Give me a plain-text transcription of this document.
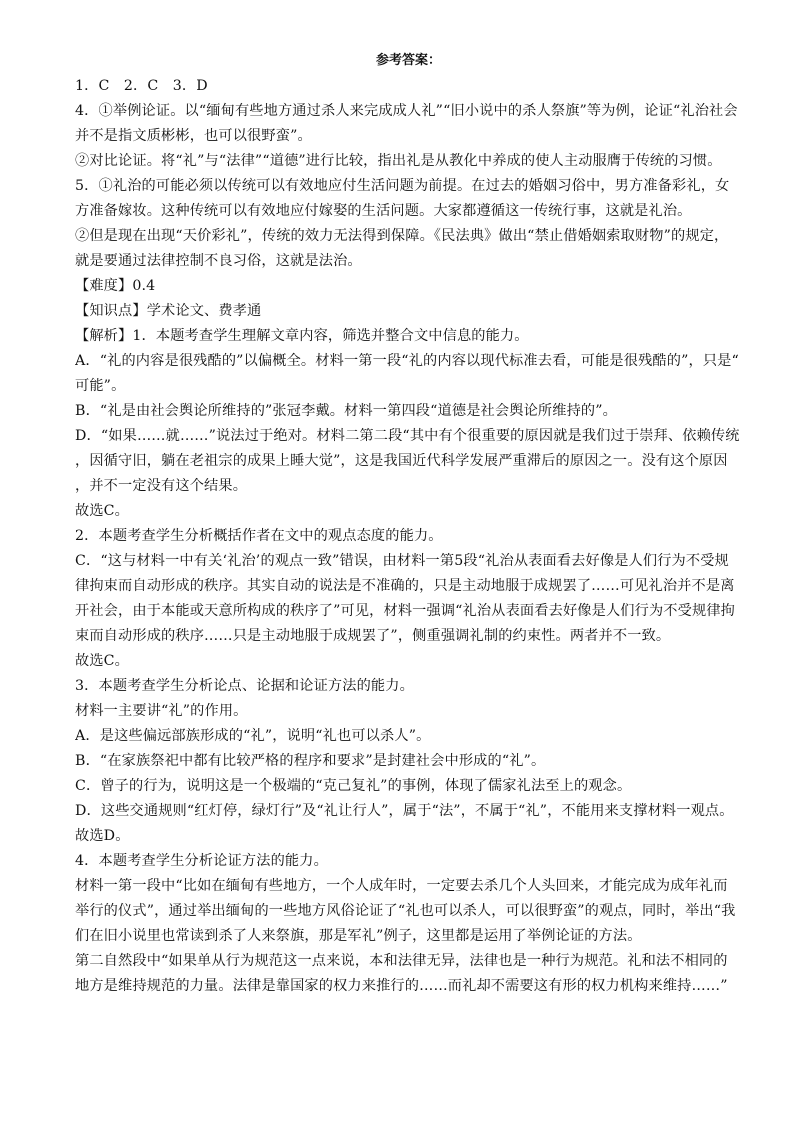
参考答案：
1．C　2．C　3．D
4．①举例论证。以“缅甸有些地方通过杀人来完成成人礼”“旧小说中的杀人祭旗”等为例，论证“礼治社会
并不是指文质彬彬，也可以很野蛮”。
②对比论证。将“礼”与“法律”“道德”进行比较，指出礼是从教化中养成的使人主动服膺于传统的习惯。
5．①礼治的可能必须以传统可以有效地应付生活问题为前提。在过去的婚姻习俗中，男方准备彩礼，女
方准备嫁妆。这种传统可以有效地应付嫁娶的生活问题。大家都遵循这一传统行事，这就是礼治。
②但是现在出现“天价彩礼”，传统的效力无法得到保障。《民法典》做出“禁止借婚姻索取财物”的规定，
就是要通过法律控制不良习俗，这就是法治。
【难度】0.4
【知识点】学术论文、费孝通
【解析】1．本题考查学生理解文章内容，筛选并整合文中信息的能力。
A．“礼的内容是很残酷的”以偏概全。材料一第一段“礼的内容以现代标准去看，可能是很残酷的”，只是“
可能”。
B．“礼是由社会舆论所维持的”张冠李戴。材料一第四段“道德是社会舆论所维持的”。
D．“如果……就……”说法过于绝对。材料二第二段“其中有个很重要的原因就是我们过于崇拜、依赖传统
，因循守旧，躺在老祖宗的成果上睡大觉”，这是我国近代科学发展严重滞后的原因之一。没有这个原因
，并不一定没有这个结果。
故选C。
2．本题考查学生分析概括作者在文中的观点态度的能力。
C．“这与材料一中有关‘礼治’的观点一致”错误，由材料一第5段“礼治从表面看去好像是人们行为不受规
律拘束而自动形成的秩序。其实自动的说法是不准确的，只是主动地服于成规罢了……可见礼治并不是离
开社会，由于本能或天意所构成的秩序了”可见，材料一强调“礼治从表面看去好像是人们行为不受规律拘
束而自动形成的秩序……只是主动地服于成规罢了”，侧重强调礼制的约束性。两者并不一致。
故选C。
3．本题考查学生分析论点、论据和论证方法的能力。
材料一主要讲“礼”的作用。
A．是这些偏远部族形成的“礼”，说明“礼也可以杀人”。
B．“在家族祭祀中都有比较严格的程序和要求”是封建社会中形成的“礼”。
C．曾子的行为，说明这是一个极端的“克己复礼”的事例，体现了儒家礼法至上的观念。
D．这些交通规则“红灯停，绿灯行”及“礼让行人”，属于“法”，不属于“礼”，不能用来支撑材料一观点。
故选D。
4．本题考查学生分析论证方法的能力。
材料一第一段中“比如在缅甸有些地方，一个人成年时，一定要去杀几个人头回来，才能完成为成年礼而
举行的仪式”，通过举出缅甸的一些地方风俗论证了“礼也可以杀人，可以很野蛮”的观点，同时，举出“我
们在旧小说里也常读到杀了人来祭旗，那是军礼”例子，这里都是运用了举例论证的方法。
第二自然段中“如果单从行为规范这一点来说，本和法律无异，法律也是一种行为规范。礼和法不相同的
地方是维持规范的力量。法律是靠国家的权力来推行的……而礼却不需要这有形的权力机构来维持……”
